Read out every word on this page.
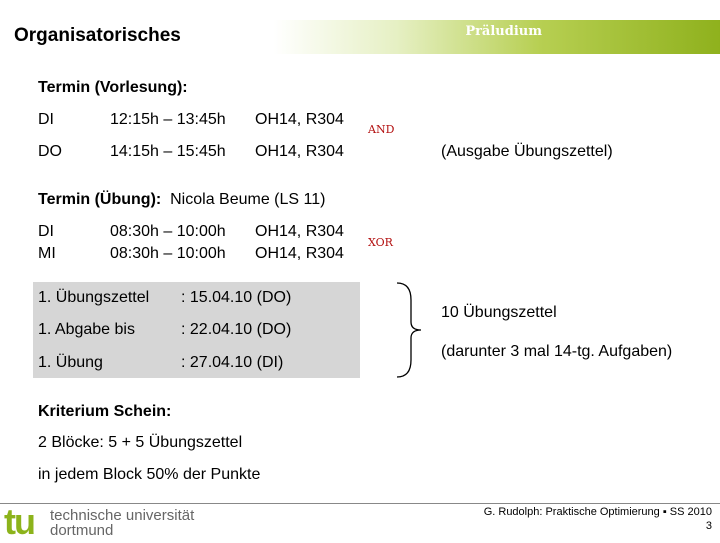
Organisatorisches	Präludium
Termin (Vorlesung):
DI	12:15h – 13:45h OH14, R304
DO	14:15h – 15:45h OH14, R304
AND
(Ausgabe Übungszettel)
Termin (Übung): Nicola Beume (LS 11)
DI	08:30h – 10:00h OH14, R304
MI	08:30h – 10:00h OH14, R304
XOR
1. Übungszettel : 15.04.10 (DO)
1. Abgabe bis	: 22.04.10 (DO)
1. Übung	: 27.04.10 (DI)
10 Übungszettel
(darunter 3 mal 14-tg. Aufgaben)
Kriterium Schein:
2 Blöcke: 5 + 5 Übungszettel
in jedem Block 50% der Punkte
tu technische universität
dortmund
G. Rudolph: Praktische Optimierung ▪ SS 2010
3
